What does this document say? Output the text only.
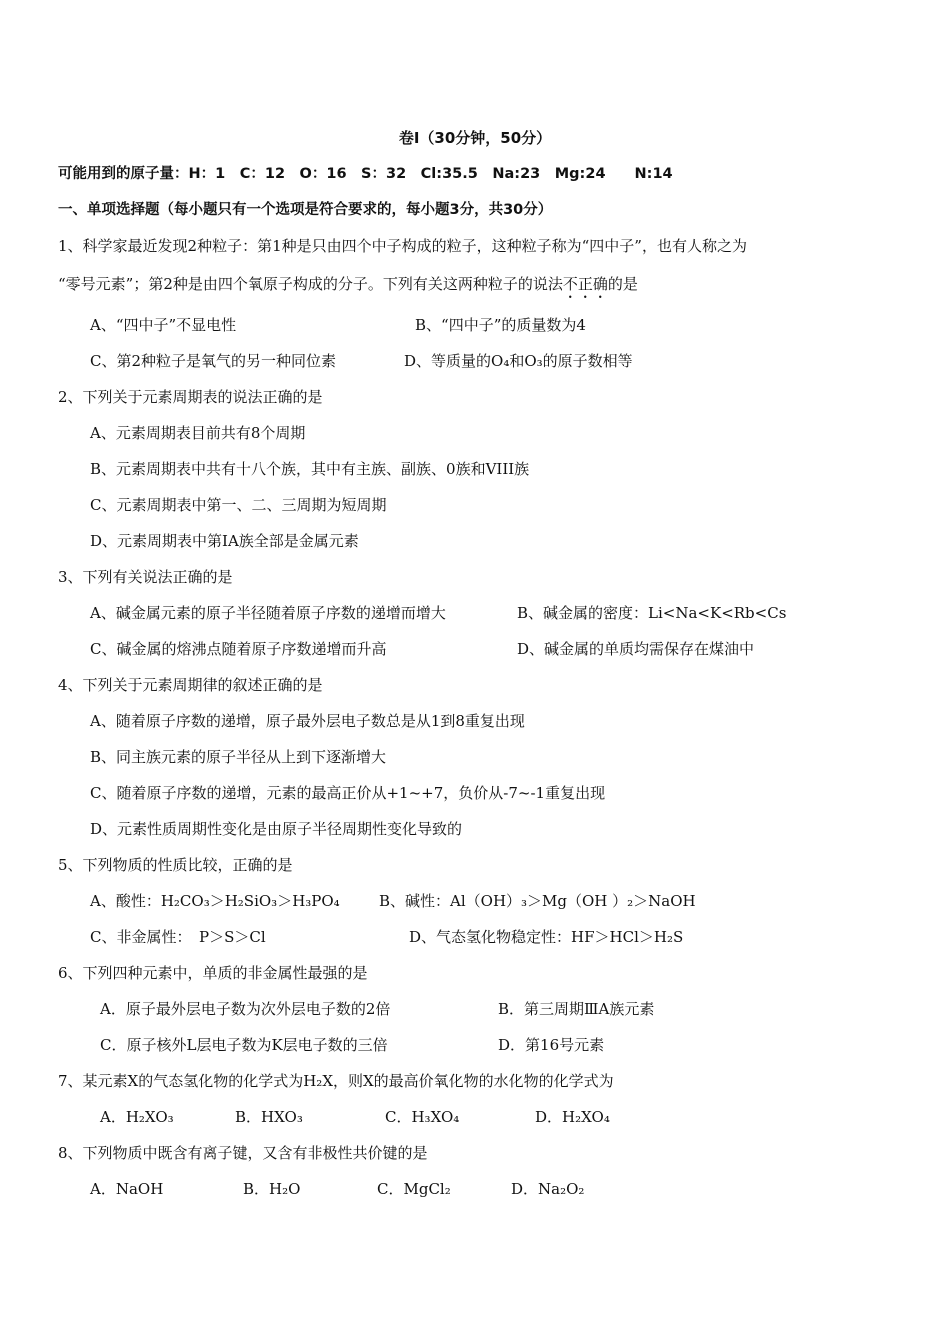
卷Ⅰ（30分钟，50分）
可能用到的原子量：H：1　C：12　O：16　S：32　Cl:35.5　Na:23　Mg:24　　N:14
一、单项选择题（每小题只有一个选项是符合要求的，每小题3分，共30分）
1、科学家最近发现2种粒子：第1种是只由四个中子构成的粒子，这种粒子称为“四中子”，也有人称之为
“零号元素”；第2种是由四个氧原子构成的分子。下列有关这两种粒子的说法不正确的是
A、“四中子”不显电性	B、“四中子”的质量数为4
C、第2种粒子是氧气的另一种同位素	D、等质量的O₄和O₃的原子数相等
2、下列关于元素周期表的说法正确的是
A、元素周期表目前共有8个周期
B、元素周期表中共有十八个族，其中有主族、副族、0族和VIII族
C、元素周期表中第一、二、三周期为短周期
D、元素周期表中第IA族全部是金属元素
3、下列有关说法正确的是
A、碱金属元素的原子半径随着原子序数的递增而增大	B、碱金属的密度：Li<Na<K<Rb<Cs
C、碱金属的熔沸点随着原子序数递增而升高	D、碱金属的单质均需保存在煤油中
4、下列关于元素周期律的叙述正确的是
A、随着原子序数的递增，原子最外层电子数总是从1到8重复出现
B、同主族元素的原子半径从上到下逐渐增大
C、随着原子序数的递增，元素的最高正价从+1~+7，负价从-7~-1重复出现
D、元素性质周期性变化是由原子半径周期性变化导致的
5、下列物质的性质比较，正确的是
A、酸性：H₂CO₃＞H₂SiO₃＞H₃PO₄	B、碱性：Al（OH）₃＞Mg（OH ）₂＞NaOH
C、非金属性：　P＞S＞Cl	D、气态氢化物稳定性：HF＞HCl＞H₂S
6、下列四种元素中，单质的非金属性最强的是
A．原子最外层电子数为次外层电子数的2倍	B．第三周期ⅢA族元素
C．原子核外L层电子数为K层电子数的三倍	D．第16号元素
7、某元素X的气态氢化物的化学式为H₂X，则X的最高价氧化物的水化物的化学式为
A．H₂XO₃	B．HXO₃	C．H₃XO₄	D．H₂XO₄
8、下列物质中既含有离子键，又含有非极性共价键的是
A．NaOH	B．H₂O	C．MgCl₂	D．Na₂O₂
